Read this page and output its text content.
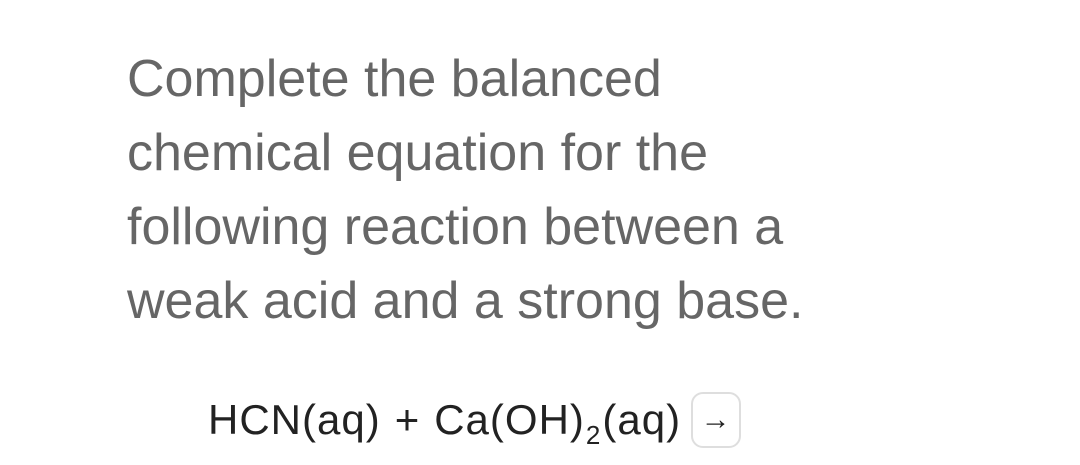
Complete the balanced
chemical equation for the
following reaction between a
weak acid and a strong base.
$HCN(aq) + Ca(OH)_2(aq)$ →
